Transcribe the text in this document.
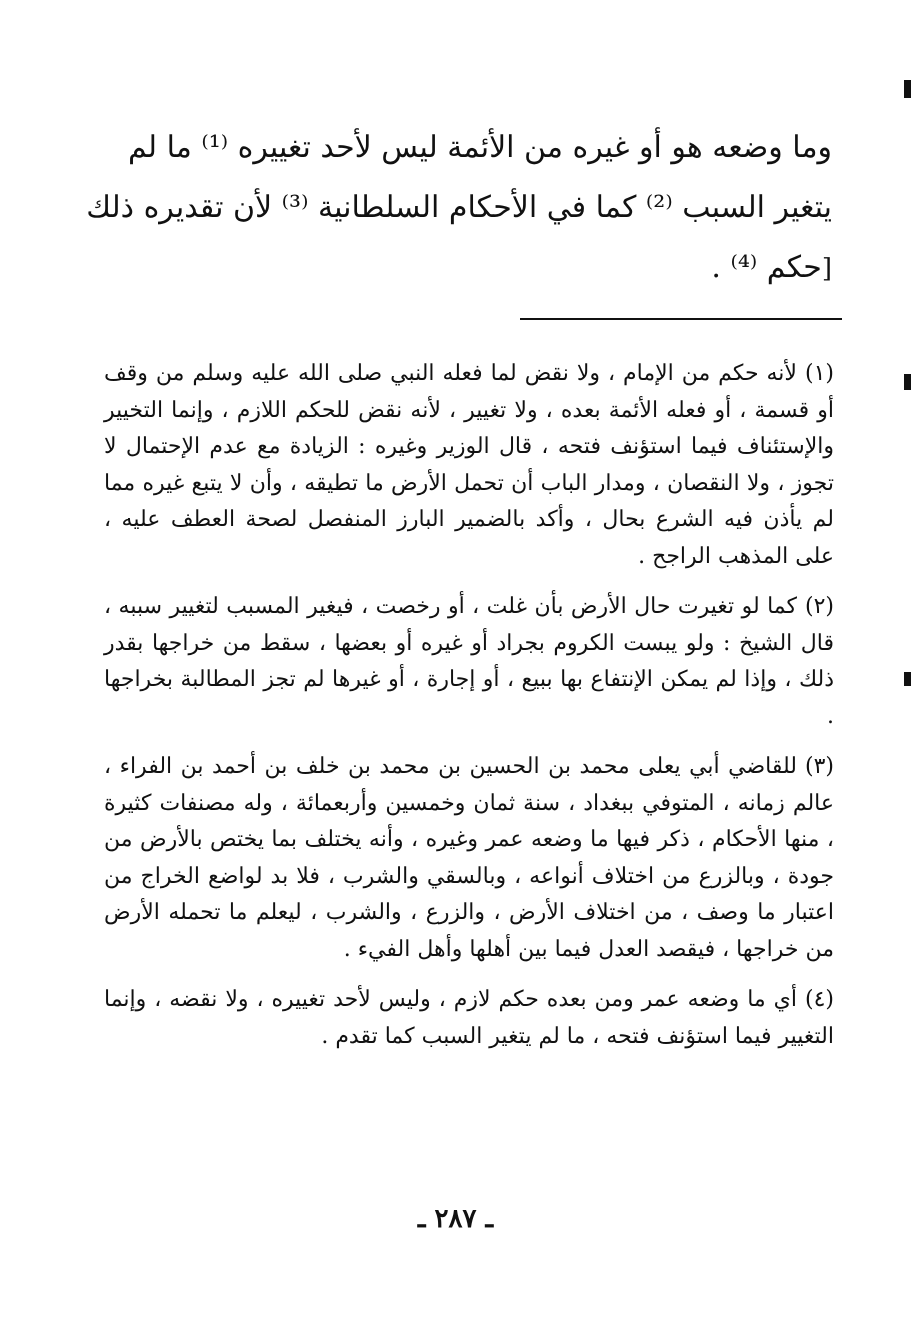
وما وضعه هو أو غيره من الأئمة ليس لأحد تغييره ⁽¹⁾ ما لم
يتغير السبب ⁽²⁾ كما في الأحكام السلطانية ⁽³⁾ لأن تقديره ذلك
[حكم ⁽⁴⁾ .

(١)لأنه حكم من الإمام ، ولا نقض لما فعله النبي صلى الله عليه وسلم من وقف أو قسمة ، أو فعله الأئمة بعده ، ولا تغيير ، لأنه نقض للحكم اللازم ، وإنما التخيير والإستئناف فيما استؤنف فتحه ، قال الوزير وغيره : الزيادة مع عدم الإحتمال لا تجوز ، ولا النقصان ، ومدار الباب أن تحمل الأرض ما تطيقه ، وأن لا يتبع غيره مما لم يأذن فيه الشرع بحال ، وأكد بالضمير البارز المنفصل لصحة العطف عليه ، على المذهب الراجح .

(٢)كما لو تغيرت حال الأرض بأن غلت ، أو رخصت ، فيغير المسبب لتغيير سببه ، قال الشيخ : ولو يبست الكروم بجراد أو غيره أو بعضها ، سقط من خراجها بقدر ذلك ، وإذا لم يمكن الإنتفاع بها ببيع ، أو إجارة ، أو غيرها لم تجز المطالبة بخراجها .

(٣)للقاضي أبي يعلى محمد بن الحسين بن محمد بن خلف بن أحمد بن الفراء ، عالم زمانه ، المتوفي ببغداد ، سنة ثمان وخمسين وأربعمائة ، وله مصنفات كثيرة ، منها الأحكام ، ذكر فيها ما وضعه عمر وغيره ، وأنه يختلف بما يختص بالأرض من جودة ، وبالزرع من اختلاف أنواعه ، وبالسقي والشرب ، فلا بد لواضع الخراج من اعتبار ما وصف ، من اختلاف الأرض ، والزرع ، والشرب ، ليعلم ما تحمله الأرض من خراجها ، فيقصد العدل فيما بين أهلها وأهل الفيء .

(٤)أي ما وضعه عمر ومن بعده حكم لازم ، وليس لأحد تغييره ، ولا نقضه ، وإنما التغيير فيما استؤنف فتحه ، ما لم يتغير السبب كما تقدم .

ـ ٢٨٧ ـ
